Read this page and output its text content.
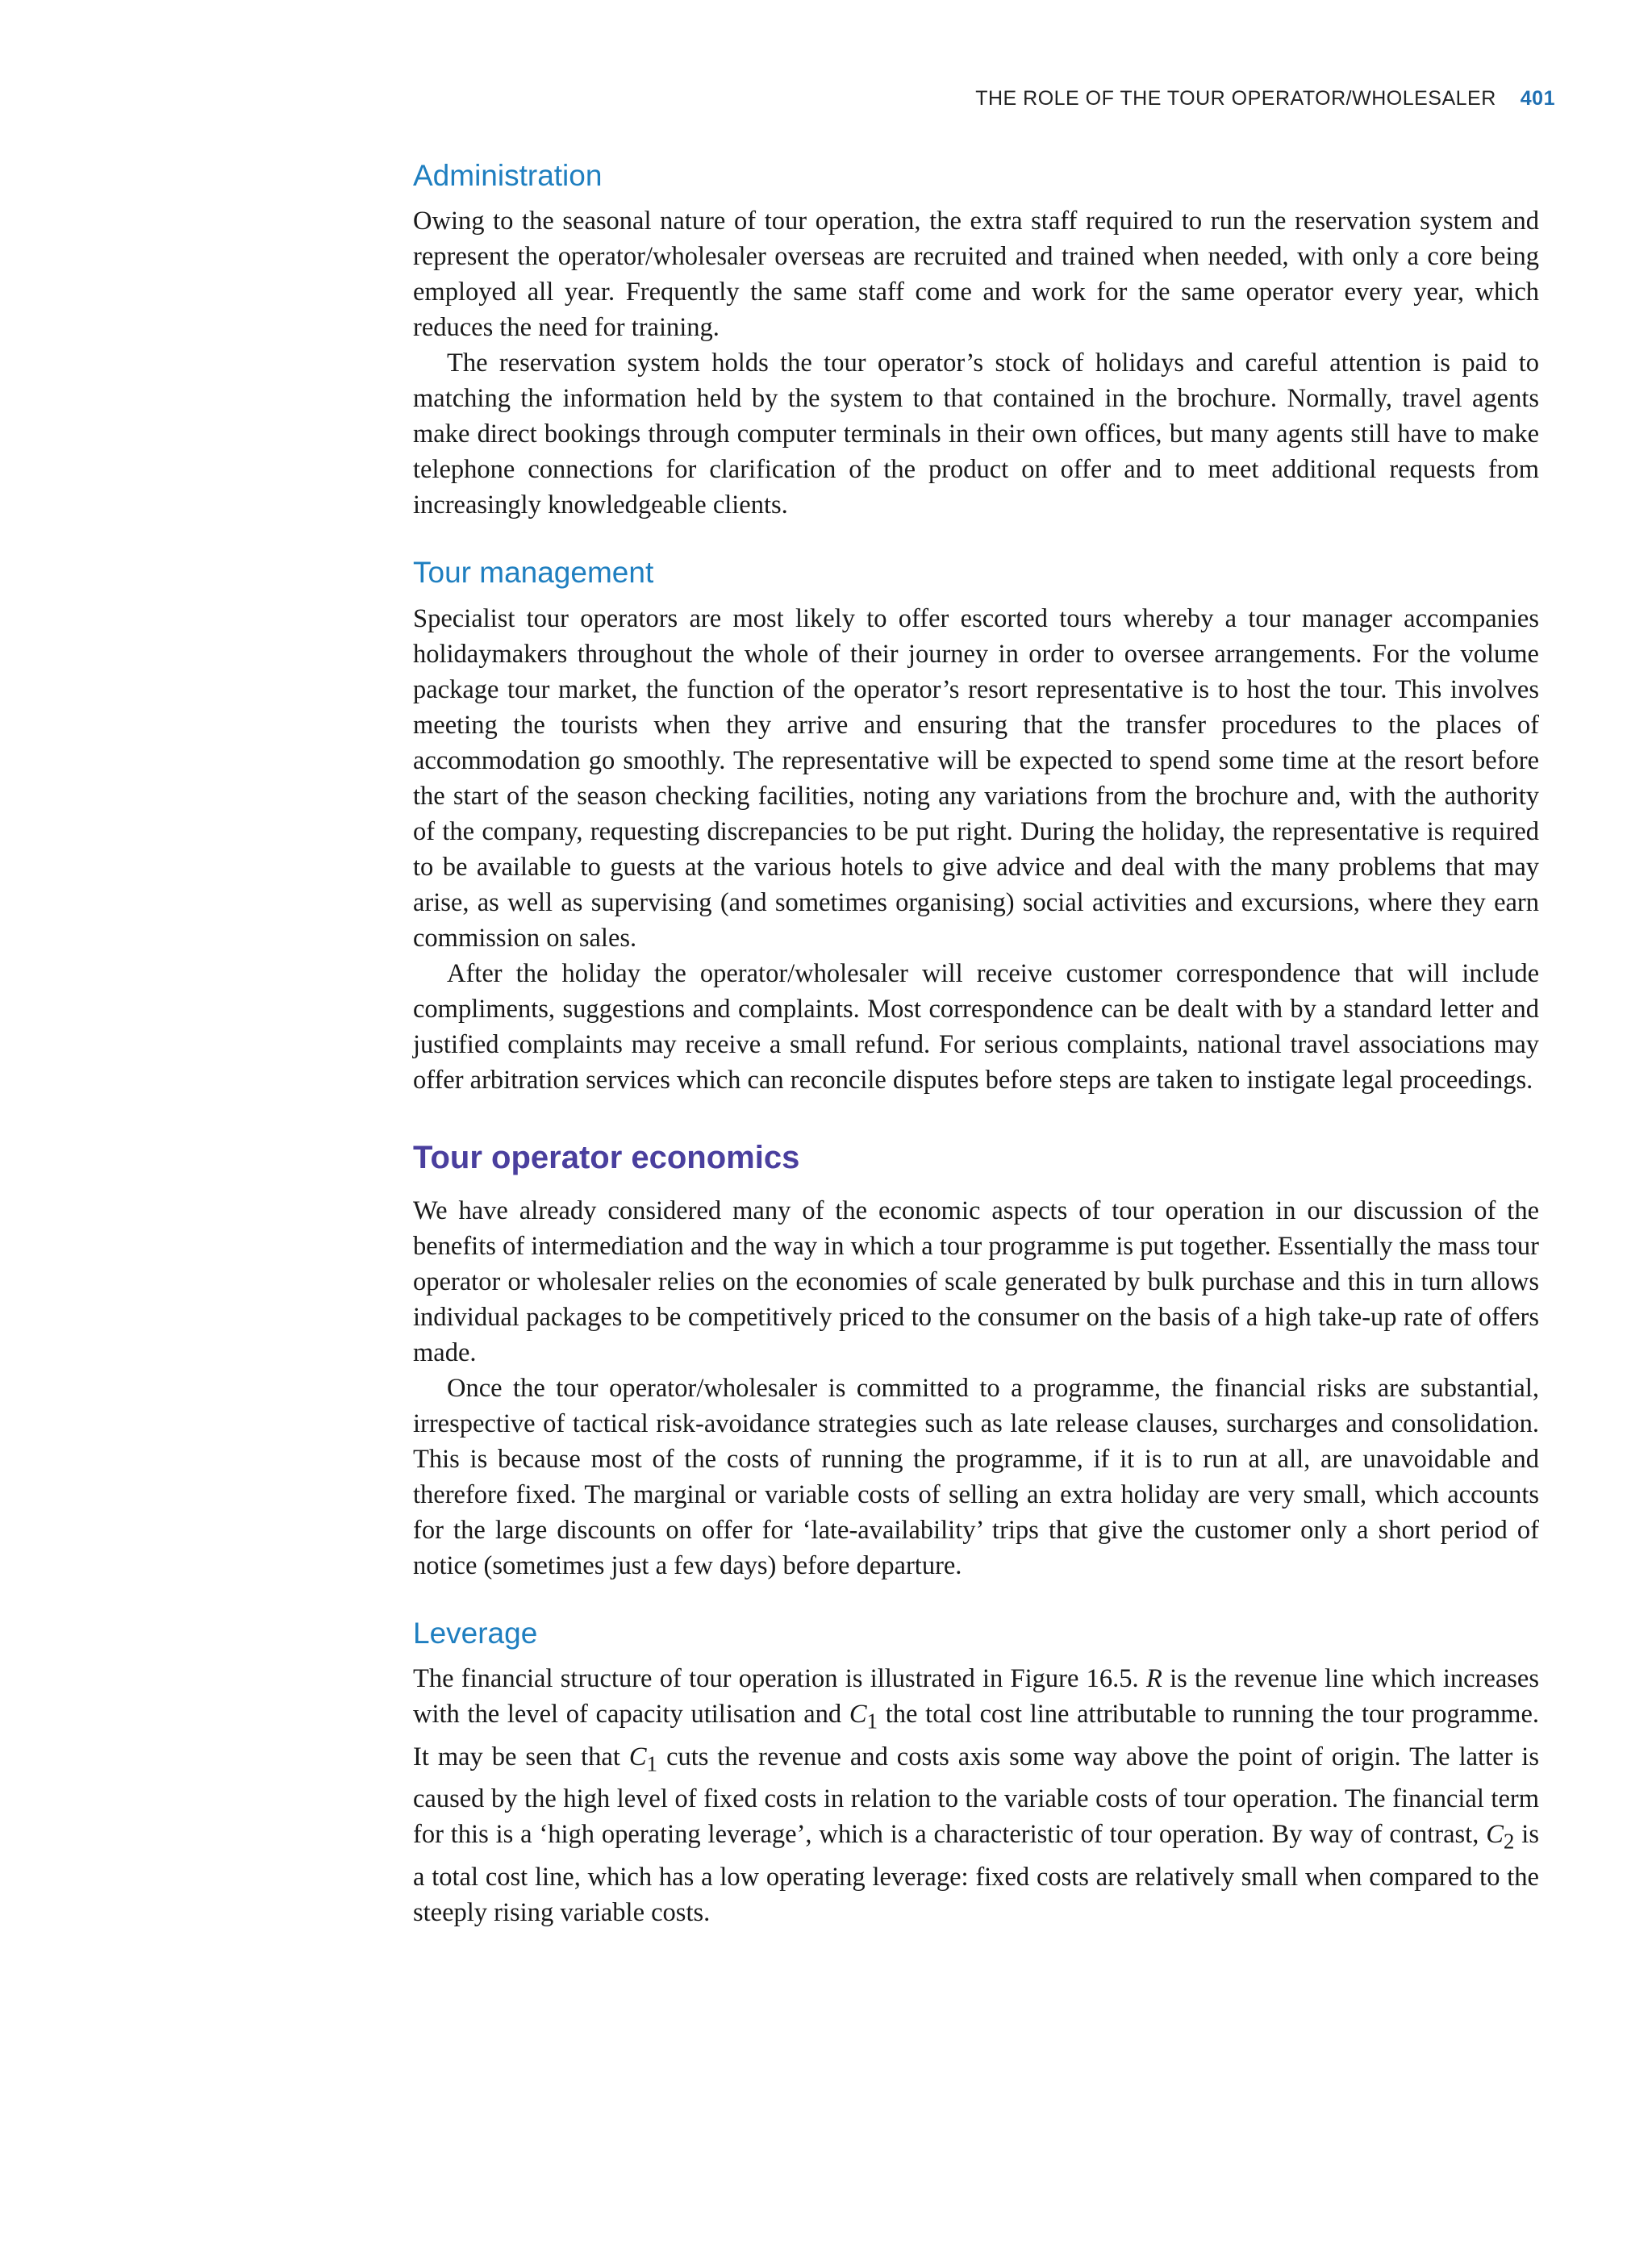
THE ROLE OF THE TOUR OPERATOR/WHOLESALER 401
Administration

Owing to the seasonal nature of tour operation, the extra staff required to run the reservation system and represent the operator/wholesaler overseas are recruited and trained when needed, with only a core being employed all year. Frequently the same staff come and work for the same operator every year, which reduces the need for training.

The reservation system holds the tour operator’s stock of holidays and careful attention is paid to matching the information held by the system to that contained in the brochure. Normally, travel agents make direct bookings through computer terminals in their own offices, but many agents still have to make telephone connections for clarification of the product on offer and to meet additional requests from increasingly knowledgeable clients.

Tour management

Specialist tour operators are most likely to offer escorted tours whereby a tour manager accompanies holidaymakers throughout the whole of their journey in order to oversee arrangements. For the volume package tour market, the function of the operator’s resort representative is to host the tour. This involves meeting the tourists when they arrive and ensuring that the transfer procedures to the places of accommodation go smoothly. The representative will be expected to spend some time at the resort before the start of the season checking facilities, noting any variations from the brochure and, with the authority of the company, requesting discrepancies to be put right. During the holiday, the representative is required to be available to guests at the various hotels to give advice and deal with the many problems that may arise, as well as supervising (and sometimes organising) social activities and excursions, where they earn commission on sales.

After the holiday the operator/wholesaler will receive customer correspondence that will include compliments, suggestions and complaints. Most correspondence can be dealt with by a standard letter and justified complaints may receive a small refund. For serious complaints, national travel associations may offer arbitration services which can reconcile disputes before steps are taken to instigate legal proceedings.

Tour operator economics

We have already considered many of the economic aspects of tour operation in our discussion of the benefits of intermediation and the way in which a tour programme is put together. Essentially the mass tour operator or wholesaler relies on the economies of scale generated by bulk purchase and this in turn allows individual packages to be competitively priced to the consumer on the basis of a high take-up rate of offers made.

Once the tour operator/wholesaler is committed to a programme, the financial risks are substantial, irrespective of tactical risk-avoidance strategies such as late release clauses, surcharges and consolidation. This is because most of the costs of running the programme, if it is to run at all, are unavoidable and therefore fixed. The marginal or variable costs of selling an extra holiday are very small, which accounts for the large discounts on offer for ‘late-availability’ trips that give the customer only a short period of notice (sometimes just a few days) before departure.

Leverage

The financial structure of tour operation is illustrated in Figure 16.5. R is the revenue line which increases with the level of capacity utilisation and $C_1$ the total cost line attributable to running the tour programme. It may be seen that $C_1$ cuts the revenue and costs axis some way above the point of origin. The latter is caused by the high level of fixed costs in relation to the variable costs of tour operation. The financial term for this is a ‘high operating leverage’, which is a characteristic of tour operation. By way of contrast, $C_2$ is a total cost line, which has a low operating leverage: fixed costs are relatively small when compared to the steeply rising variable costs.
